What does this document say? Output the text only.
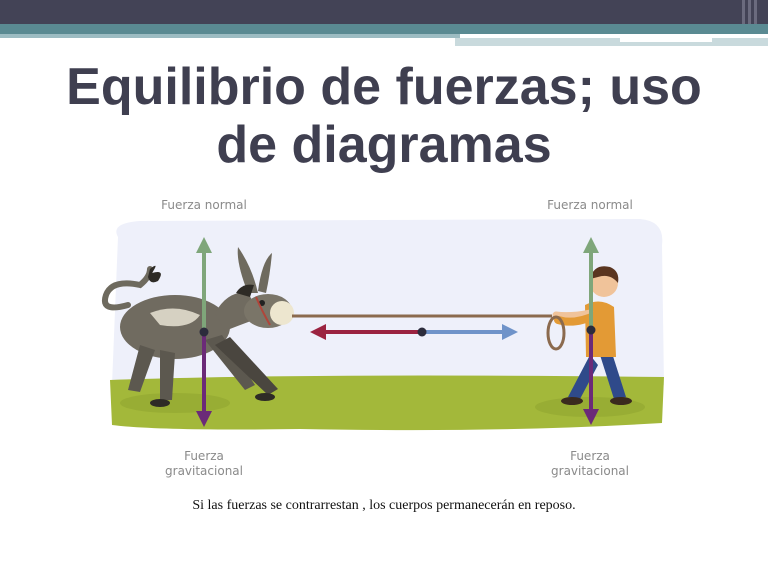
Equilibrio de fuerzas; uso
de diagramas
Fuerza normal	Fuerza normal
Fuerza
gravitacional
Fuerza
gravitacional
Si las fuerzas se contrarrestan , los cuerpos permanecerán en reposo.
